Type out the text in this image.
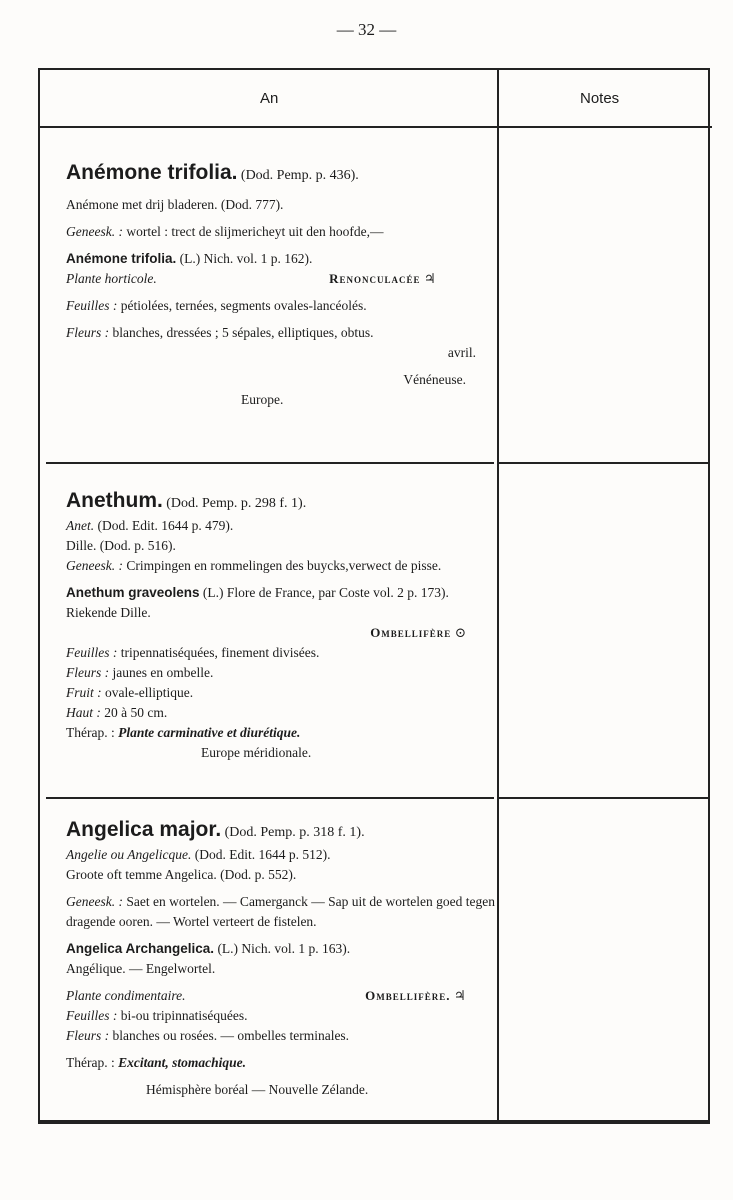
— 32 —
An	Notes

Anémone trifolia. (Dod. Pemp. p. 436).

Anémone met drij bladeren. (Dod. 777).

Geneesk. : wortel : trect de slijmericheyt uit den hoofde,—

Anémone trifolia. (L.) Nich. vol. 1 p. 162).

Plante horticole.	Renonculacée ♃

Feuilles : pétiolées, ternées, segments ovales-lancéolés.

Fleurs : blanches, dressées ; 5 sépales, elliptiques, obtus.

avril.

Vénéneuse.

Europe.

Anethum. (Dod. Pemp. p. 298 f. 1).

Anet. (Dod. Edit. 1644 p. 479).

Dille. (Dod. p. 516).

Geneesk. : Crimpingen en rommelingen des buycks,verwect de pisse.

Anethum graveolens (L.) Flore de France, par Coste vol. 2 p. 173).

Riekende Dille.

Ombellifère ⊙

Feuilles : tripennatiséquées, finement divisées.

Fleurs : jaunes en ombelle.

Fruit : ovale-elliptique.

Haut : 20 à 50 cm.

Thérap. : Plante carminative et diurétique.

Europe méridionale.

Angelica major. (Dod. Pemp. p. 318 f. 1).

Angelie ou Angelicque. (Dod. Edit. 1644 p. 512).

Groote oft temme Angelica. (Dod. p. 552).

Geneesk. : Saet en wortelen. — Camerganck — Sap uit de wortelen goed tegen dragende ooren. — Wortel verteert de fistelen.

Angelica Archangelica. (L.) Nich. vol. 1 p. 163).

Angélique. — Engelwortel.

Plante condimentaire.	Ombellifère. ♃

Feuilles : bi-ou tripinnatiséquées.

Fleurs : blanches ou rosées. — ombelles terminales.

Thérap. : Excitant, stomachique.

Hémisphère boréal — Nouvelle Zélande.
